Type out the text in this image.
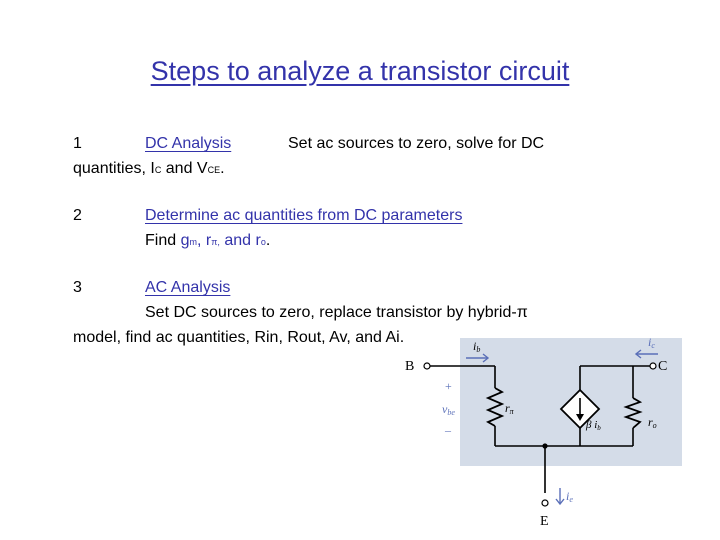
Steps to analyze a transistor circuit
1	DC Analysis	Set ac sources to zero, solve for DC
quantities, IC and VCE.
2	Determine ac quantities from DC parameters
Find gm, rπ, and ro.
3	AC Analysis
Set DC sources to zero, replace transistor by hybrid-π
model, find ac quantities, Rin, Rout, Av, and Ai.
B	C
E
ib
ic
ie
+
vbe
–
rπ
β ib	ro
